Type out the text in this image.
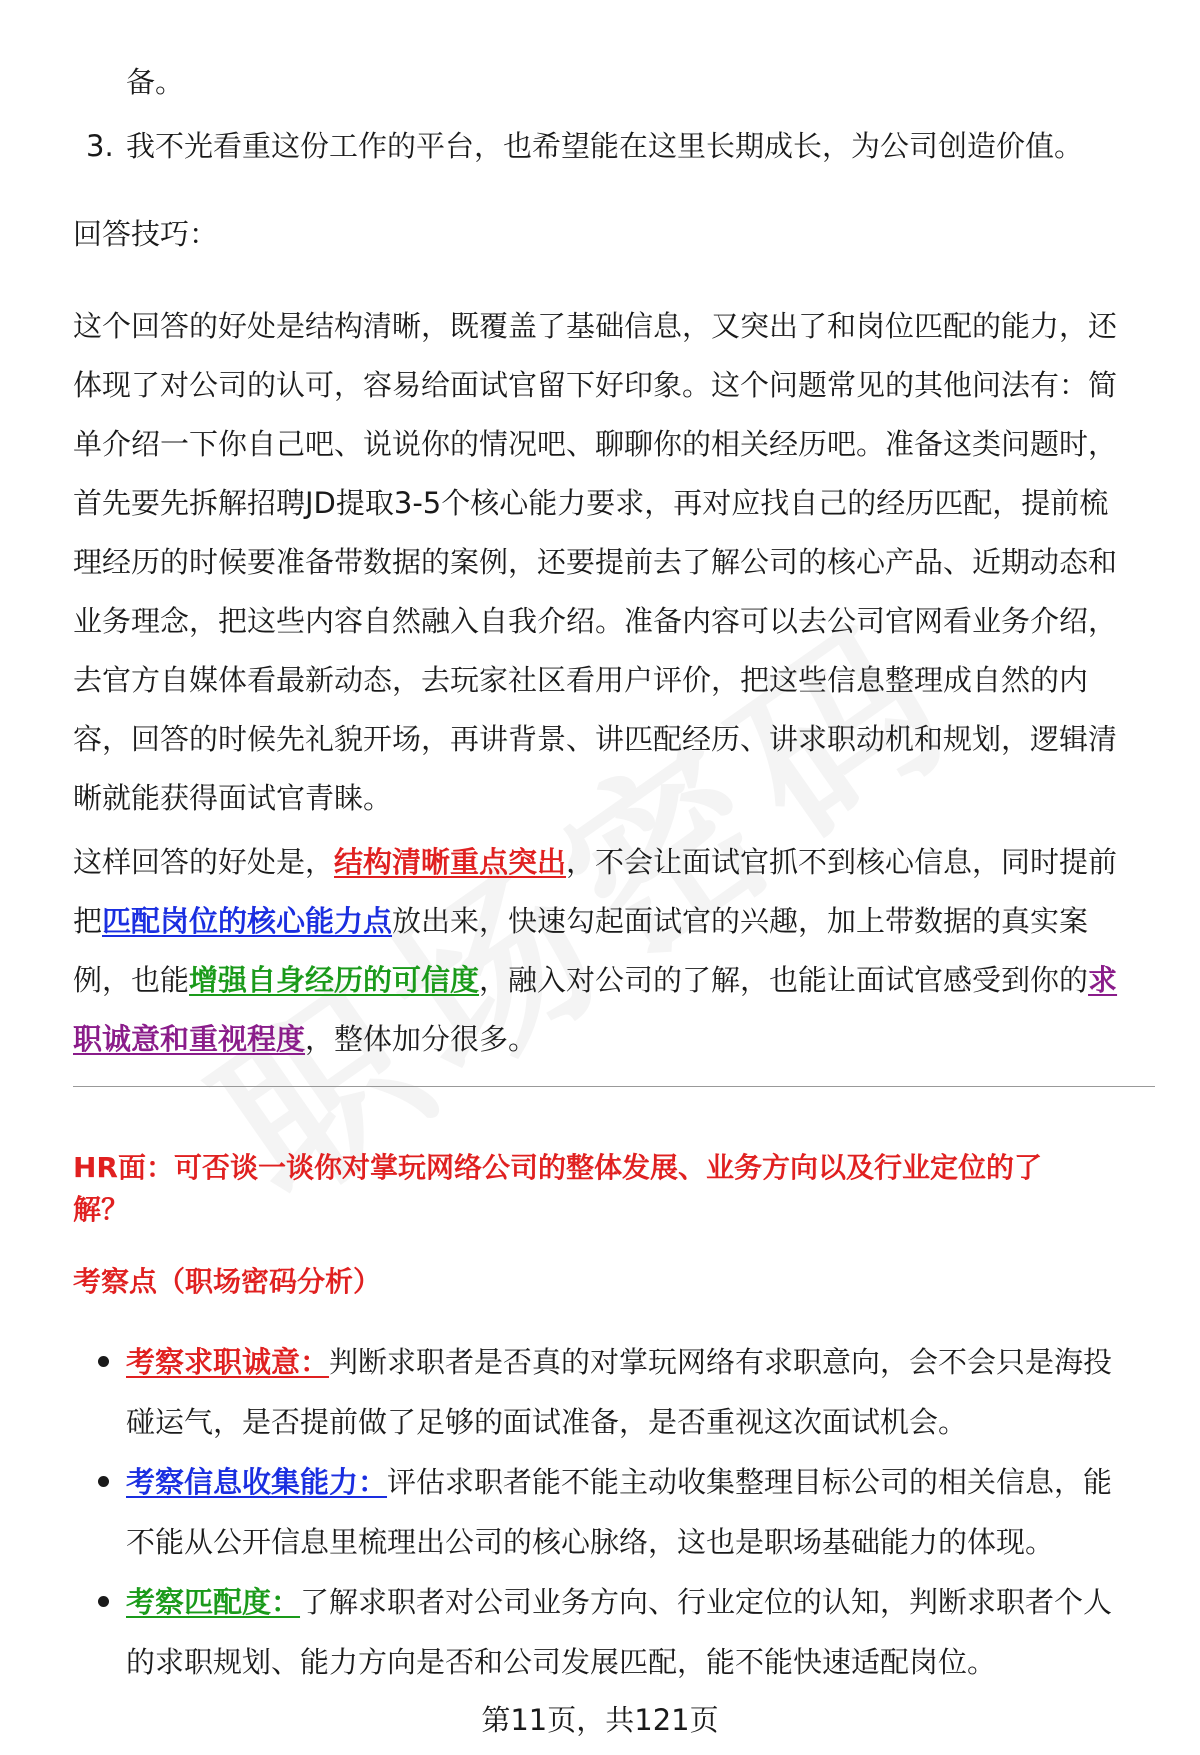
备。
3. 我不光看重这份工作的平台，也希望能在这里长期成长，为公司创造价值。
回答技巧：
这个回答的好处是结构清晰，既覆盖了基础信息，又突出了和岗位匹配的能力，还
体现了对公司的认可，容易给面试官留下好印象。这个问题常见的其他问法有：简
单介绍一下你自己吧、说说你的情况吧、聊聊你的相关经历吧。准备这类问题时，
首先要先拆解招聘JD提取3-5个核心能力要求，再对应找自己的经历匹配，提前梳
理经历的时候要准备带数据的案例，还要提前去了解公司的核心产品、近期动态和
业务理念，把这些内容自然融入自我介绍。准备内容可以去公司官网看业务介绍，
去官方自媒体看最新动态，去玩家社区看用户评价，把这些信息整理成自然的内
容，回答的时候先礼貌开场，再讲背景、讲匹配经历、讲求职动机和规划，逻辑清
晰就能获得面试官青睐。
这样回答的好处是，结构清晰重点突出，不会让面试官抓不到核心信息，同时提前
把匹配岗位的核心能力点放出来，快速勾起面试官的兴趣，加上带数据的真实案
例，也能增强自身经历的可信度，融入对公司的了解，也能让面试官感受到你的求
职诚意和重视程度，整体加分很多。
HR面：可否谈一谈你对掌玩网络公司的整体发展、业务方向以及行业定位的了
解？
考察点（职场密码分析）
考察求职诚意：判断求职者是否真的对掌玩网络有求职意向，会不会只是海投
碰运气，是否提前做了足够的面试准备，是否重视这次面试机会。
考察信息收集能力：评估求职者能不能主动收集整理目标公司的相关信息，能
不能从公开信息里梳理出公司的核心脉络，这也是职场基础能力的体现。
考察匹配度：了解求职者对公司业务方向、行业定位的认知，判断求职者个人
的求职规划、能力方向是否和公司发展匹配，能不能快速适配岗位。
第11页，共121页
